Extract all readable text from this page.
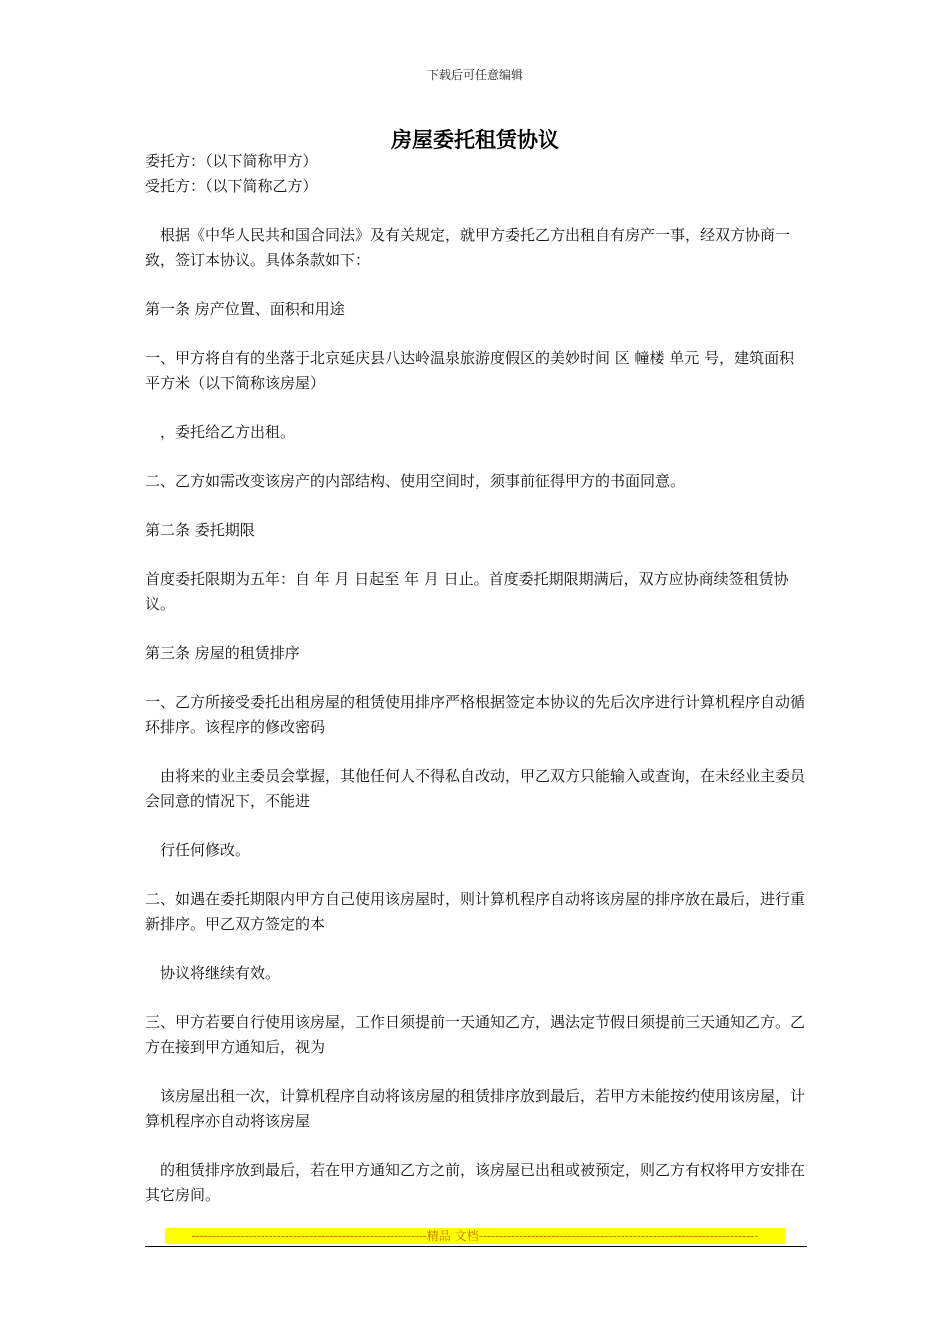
下载后可任意编辑
房屋委托租赁协议

委托方：（以下简称甲方）

受托方：（以下简称乙方）

根据《中华人民共和国合同法》及有关规定，就甲方委托乙方出租自有房产一事，经双方协商一致，签订本协议。具体条款如下：

第一条 房产位置、面积和用途

一、甲方将自有的坐落于北京延庆县八达岭温泉旅游度假区的美妙时间 区 幢楼 单元 号，建筑面积 平方米（以下简称该房屋）

，委托给乙方出租。

二、乙方如需改变该房产的内部结构、使用空间时，须事前征得甲方的书面同意。

第二条 委托期限

首度委托限期为五年：自 年 月 日起至 年 月 日止。首度委托期限期满后，双方应协商续签租赁协议。

第三条 房屋的租赁排序

一、乙方所接受委托出租房屋的租赁使用排序严格根据签定本协议的先后次序进行计算机程序自动循环排序。该程序的修改密码

由将来的业主委员会掌握，其他任何人不得私自改动，甲乙双方只能输入或查询，在未经业主委员会同意的情况下，不能进

行任何修改。

二、如遇在委托期限内甲方自己使用该房屋时，则计算机程序自动将该房屋的排序放在最后，进行重新排序。甲乙双方签定的本

协议将继续有效。

三、甲方若要自行使用该房屋，工作日须提前一天通知乙方，遇法定节假日须提前三天通知乙方。乙方在接到甲方通知后，视为

该房屋出租一次，计算机程序自动将该房屋的租赁排序放到最后，若甲方未能按约使用该房屋，计算机程序亦自动将该房屋

的租赁排序放到最后，若在甲方通知乙方之前，该房屋已出租或被预定，则乙方有权将甲方安排在其它房间。

----------------------------------------------------------精品 文档---------------------------------------------------------------------
